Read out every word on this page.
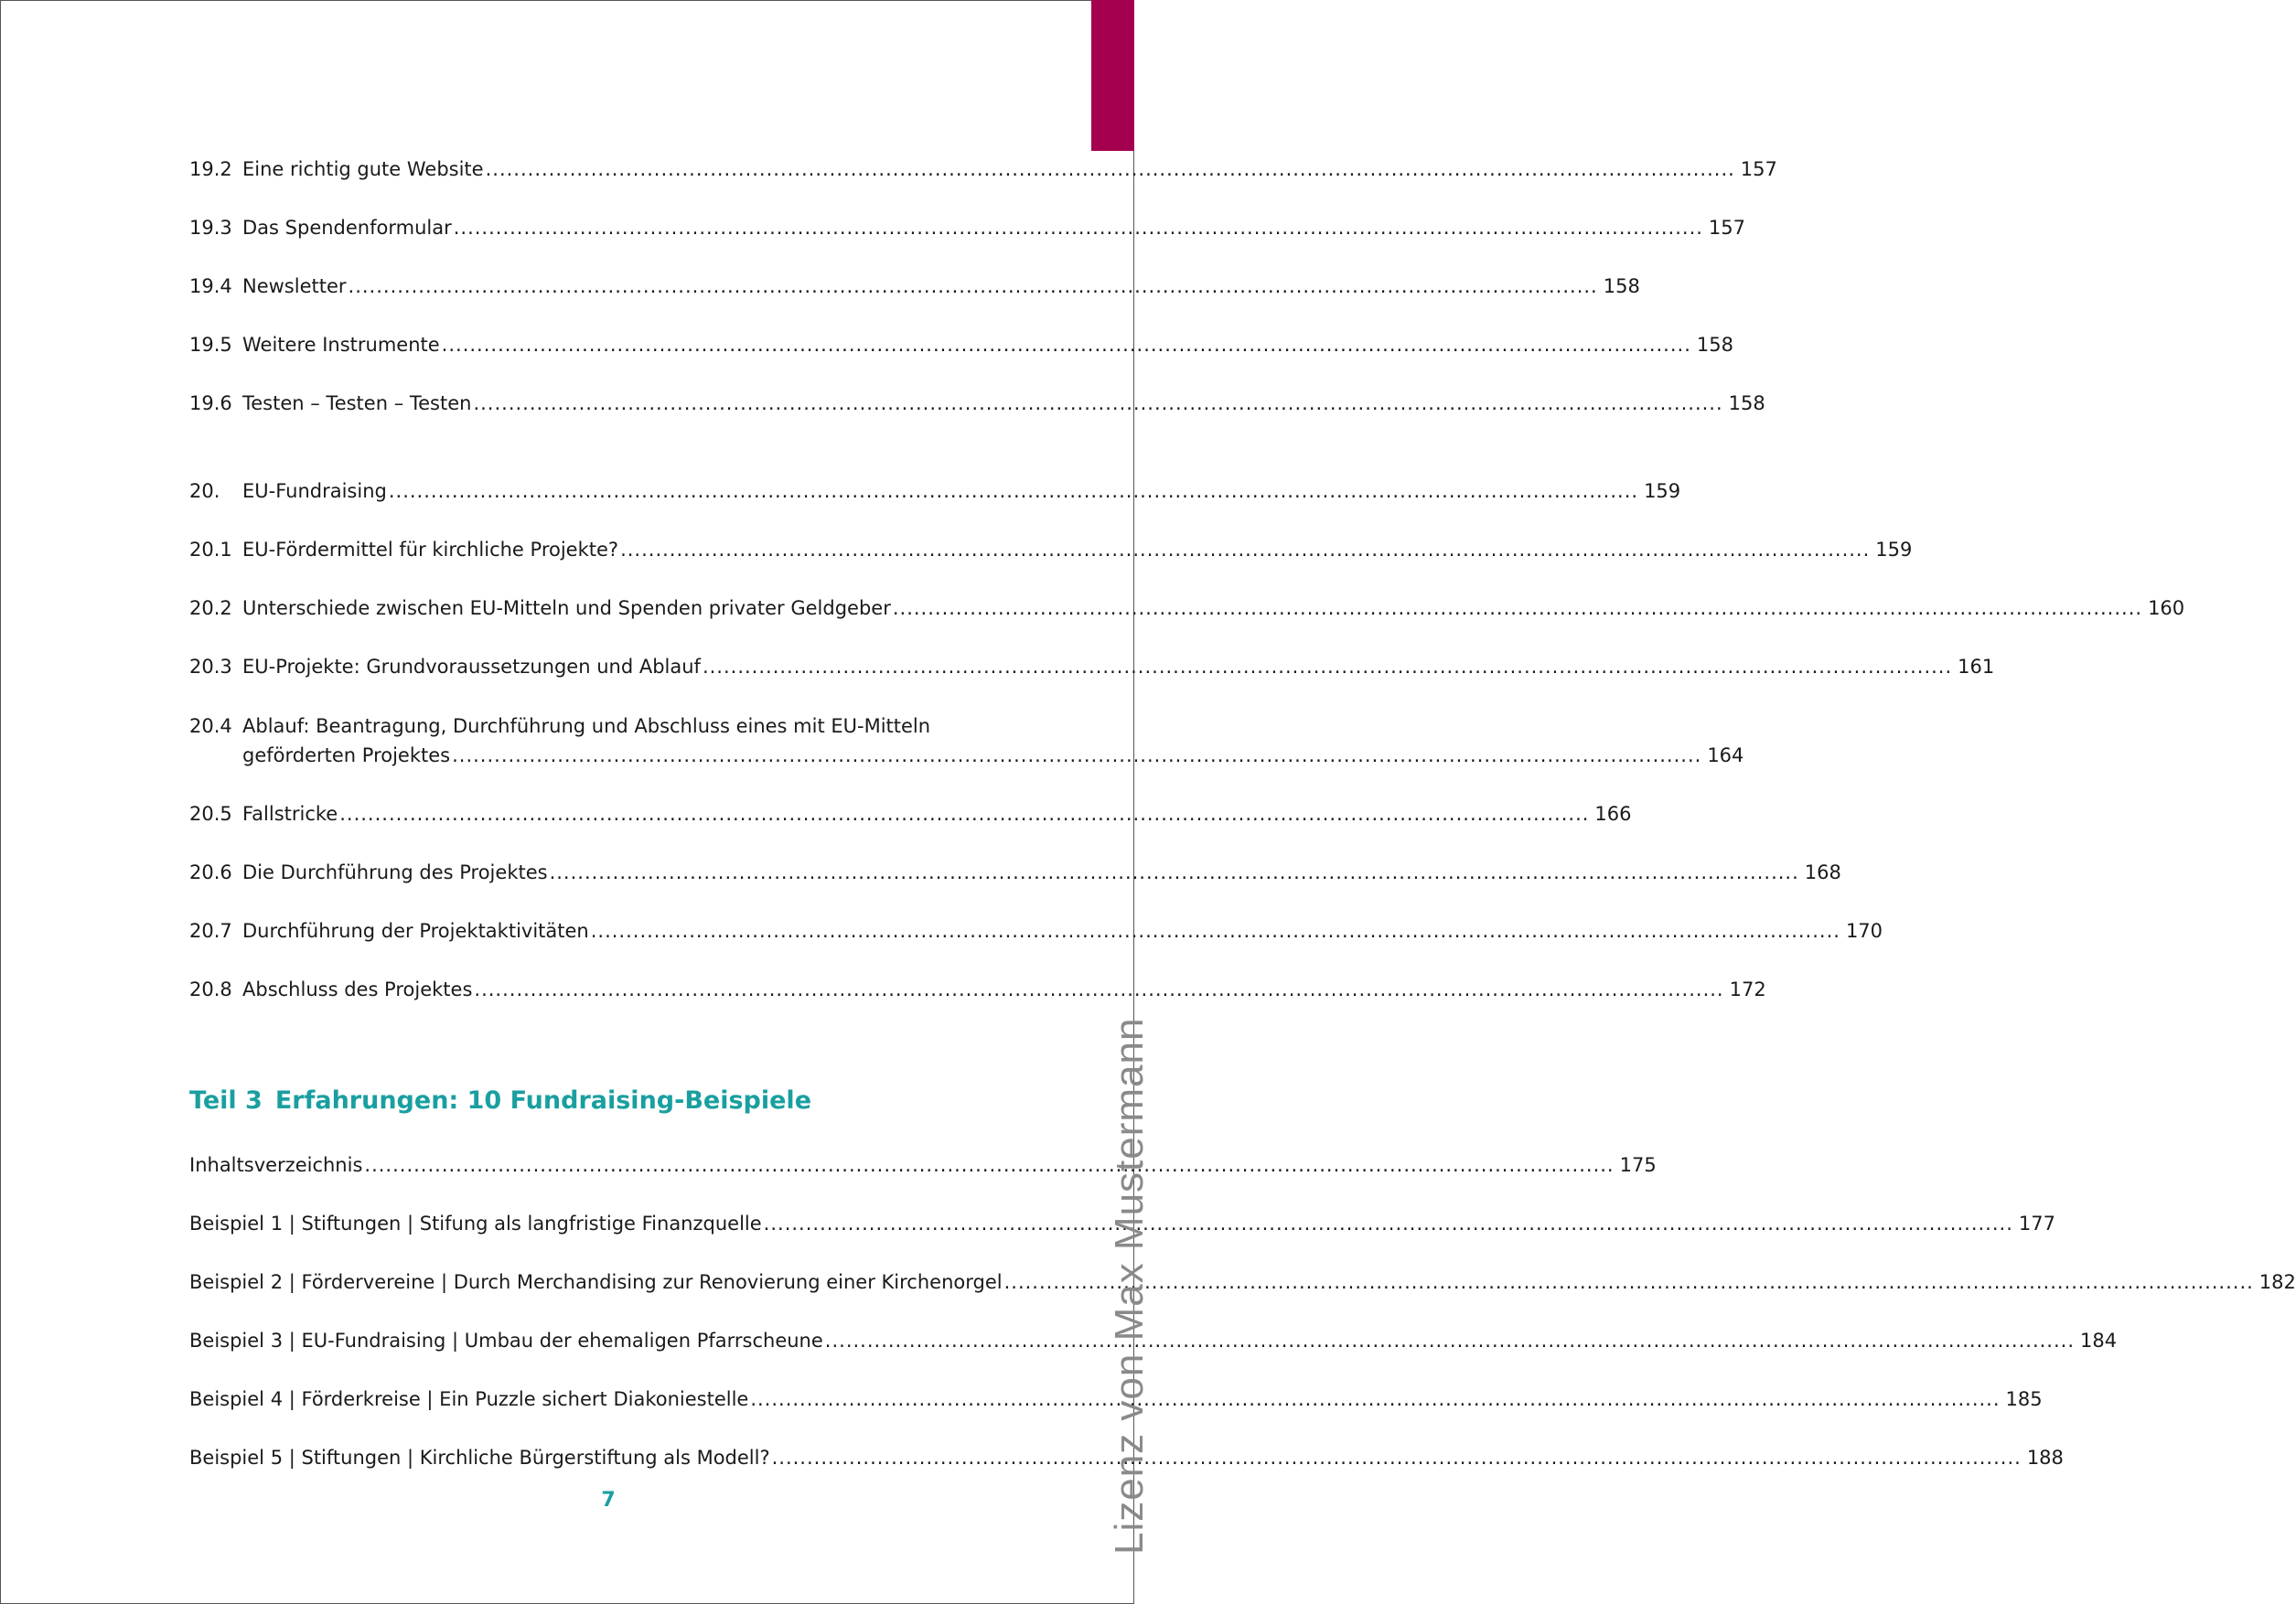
19.2 Eine richtig gute Website .................................................................................................................................................................................. 157
19.3 Das Spendenformular .................................................................................................................................................................................. 157
19.4 Newsletter .................................................................................................................................................................................. 158
19.5 Weitere Instrumente .................................................................................................................................................................................. 158
19.6 Testen – Testen – Testen .................................................................................................................................................................................. 158
20. EU-Fundraising .................................................................................................................................................................................. 159
20.1 EU-Fördermittel für kirchliche Projekte? .................................................................................................................................................................................. 159
20.2 Unterschiede zwischen EU-Mitteln und Spenden privater Geldgeber .................................................................................................................................................................................. 160
20.3 EU-Projekte: Grundvoraussetzungen und Ablauf .................................................................................................................................................................................. 161
20.4 Ablauf: Beantragung, Durchführung und Abschluss eines mit EU-Mitteln
geförderten Projektes .................................................................................................................................................................................. 164
20.5 Fallstricke .................................................................................................................................................................................. 166
20.6 Die Durchführung des Projektes .................................................................................................................................................................................. 168
20.7 Durchführung der Projektaktivitäten .................................................................................................................................................................................. 170
20.8 Abschluss des Projektes .................................................................................................................................................................................. 172
Inhaltsverzeichnis .................................................................................................................................................................................. 175
Beispiel 1 | Stiftungen | Stifung als langfristige Finanzquelle .................................................................................................................................................................................. 177
Beispiel 2 | Fördervereine | Durch Merchandising zur Renovierung einer Kirchenorgel .................................................................................................................................................................................. 182
Beispiel 3 | EU-Fundraising | Umbau der ehemaligen Pfarrscheune .................................................................................................................................................................................. 184
Beispiel 4 | Förderkreise | Ein Puzzle sichert Diakoniestelle .................................................................................................................................................................................. 185
Beispiel 5 | Stiftungen | Kirchliche Bürgerstiftung als Modell? .................................................................................................................................................................................. 188
Teil 3 Erfahrungen: 10 Fundraising-Beispiele
7	Lizenz von Max Mustermann
